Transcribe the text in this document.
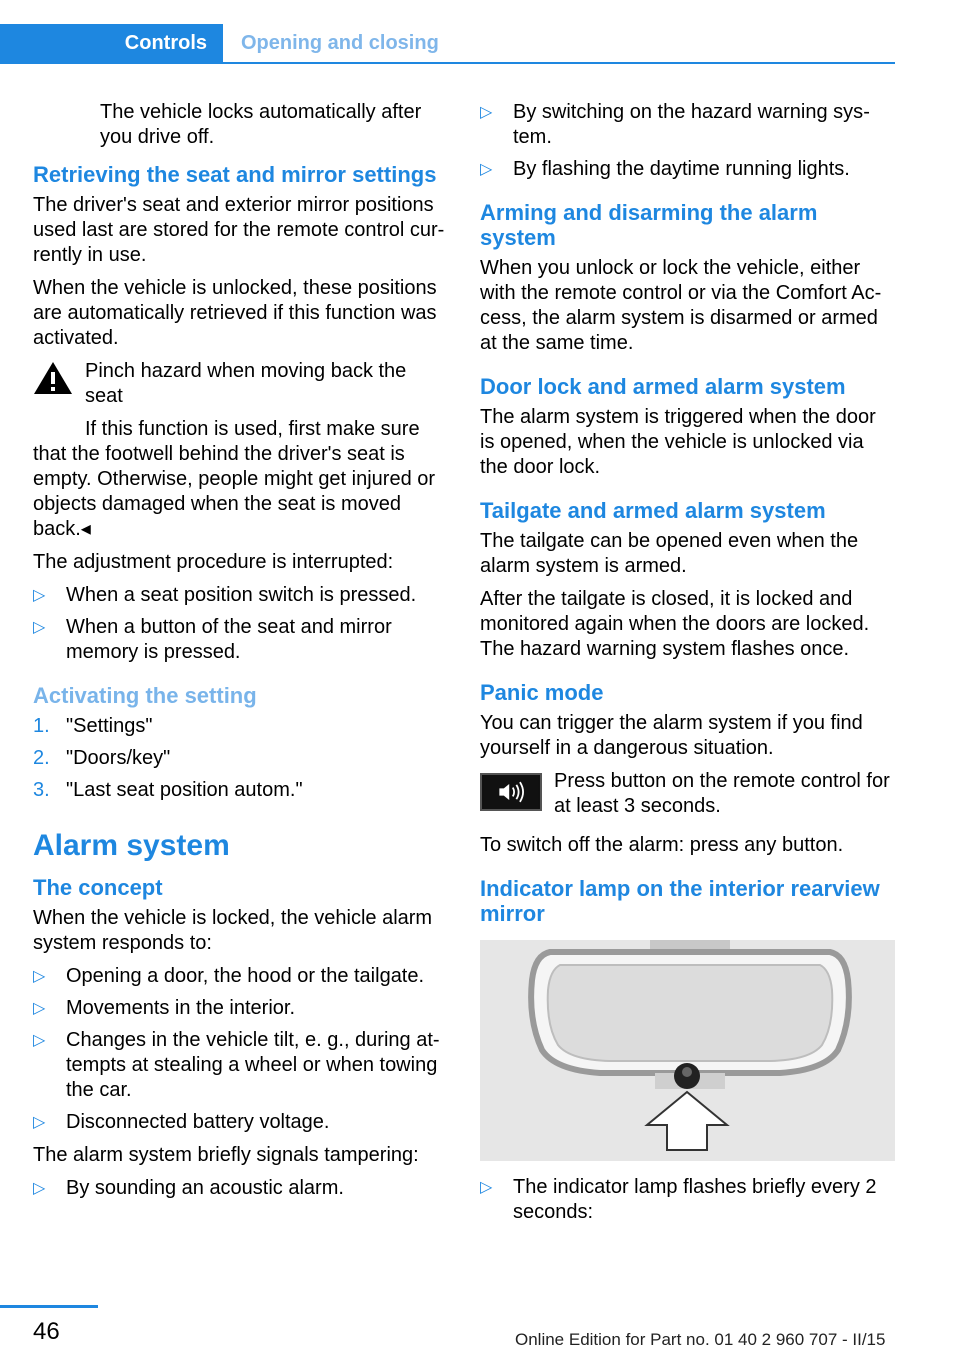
Controls Opening and closing

The vehicle locks automatically after you drive off.

Retrieving the seat and mirror settings

The driver's seat and exterior mirror positions used last are stored for the remote control currently in use.

When the vehicle is unlocked, these positions are automatically retrieved if this function was activated.

Pinch hazard when moving back the seat
If this function is used, first make sure
that the footwell behind the driver's seat is empty. Otherwise, people might get injured or objects damaged when the seat is moved back.◂

The adjustment procedure is interrupted:

▷ When a seat position switch is pressed.
▷ When a button of the seat and mirror memory is pressed.
Activating the setting
1. "Settings"
2. "Doors/key"
3. "Last seat position autom."
Alarm system
The concept

When the vehicle is locked, the vehicle alarm system responds to:

▷ Opening a door, the hood or the tailgate.
▷ Movements in the interior.
▷ Changes in the vehicle tilt, e. g., during attempts at stealing a wheel or when towing the car.
▷ Disconnected battery voltage.

The alarm system briefly signals tampering:

▷ By sounding an acoustic alarm.
▷ By switching on the hazard warning system.
▷ By flashing the daytime running lights.
Arming and disarming the alarm system

When you unlock or lock the vehicle, either with the remote control or via the Comfort Access, the alarm system is disarmed or armed at the same time.

Door lock and armed alarm system

The alarm system is triggered when the door is opened, when the vehicle is unlocked via the door lock.

Tailgate and armed alarm system

The tailgate can be opened even when the alarm system is armed.

After the tailgate is closed, it is locked and monitored again when the doors are locked. The hazard warning system flashes once.

Panic mode

You can trigger the alarm system if you find yourself in a dangerous situation.

Press button on the remote control for at least 3 seconds.

To switch off the alarm: press any button.

Indicator lamp on the interior rearview mirror
▷ The indicator lamp flashes briefly every 2 seconds:
46	Online Edition for Part no. 01 40 2 960 707 - II/15
